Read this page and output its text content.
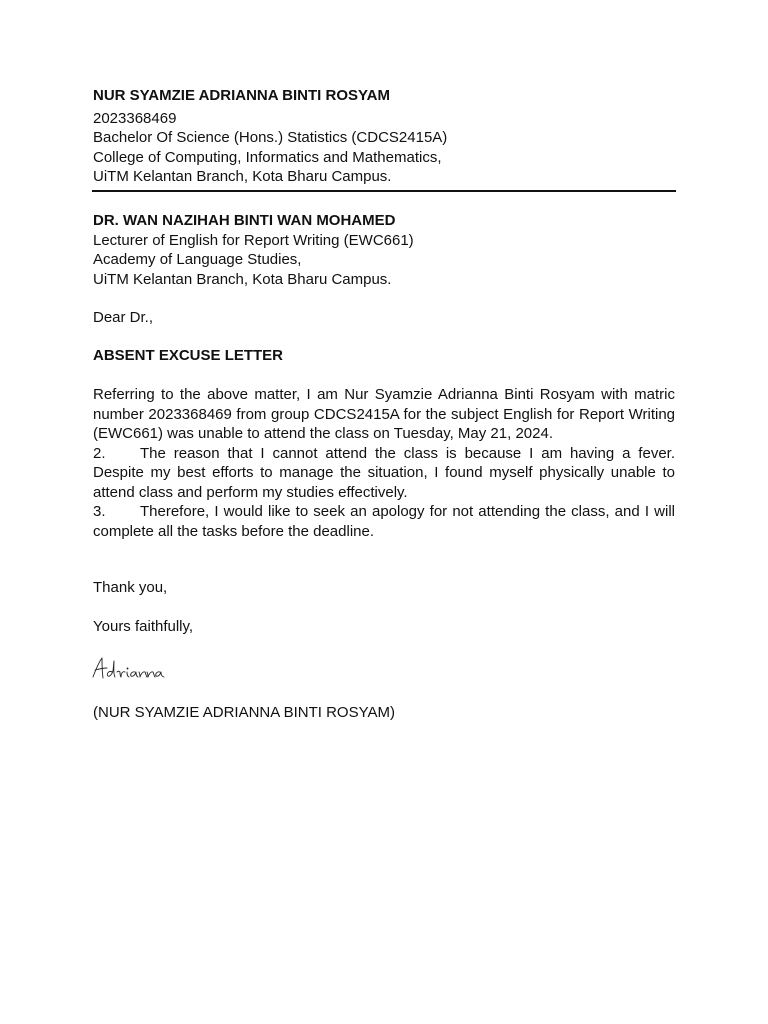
NUR SYAMZIE ADRIANNA BINTI ROSYAM
2023368469
Bachelor Of Science (Hons.) Statistics (CDCS2415A)
College of Computing, Informatics and Mathematics,
UiTM Kelantan Branch, Kota Bharu Campus.
DR. WAN NAZIHAH BINTI WAN MOHAMED
Lecturer of English for Report Writing (EWC661)
Academy of Language Studies,
UiTM Kelantan Branch, Kota Bharu Campus.
Dear Dr.,
ABSENT EXCUSE LETTER
Referring to the above matter, I am Nur Syamzie Adrianna Binti Rosyam with matric number 2023368469 from group CDCS2415A for the subject English for Report Writing (EWC661) was unable to attend the class on Tuesday, May 21, 2024.
2. The reason that I cannot attend the class is because I am having a fever. Despite my best efforts to manage the situation, I found myself physically unable to attend class and perform my studies effectively.
3. Therefore, I would like to seek an apology for not attending the class, and I will complete all the tasks before the deadline.
Thank you,
Yours faithfully,
(NUR SYAMZIE ADRIANNA BINTI ROSYAM)
